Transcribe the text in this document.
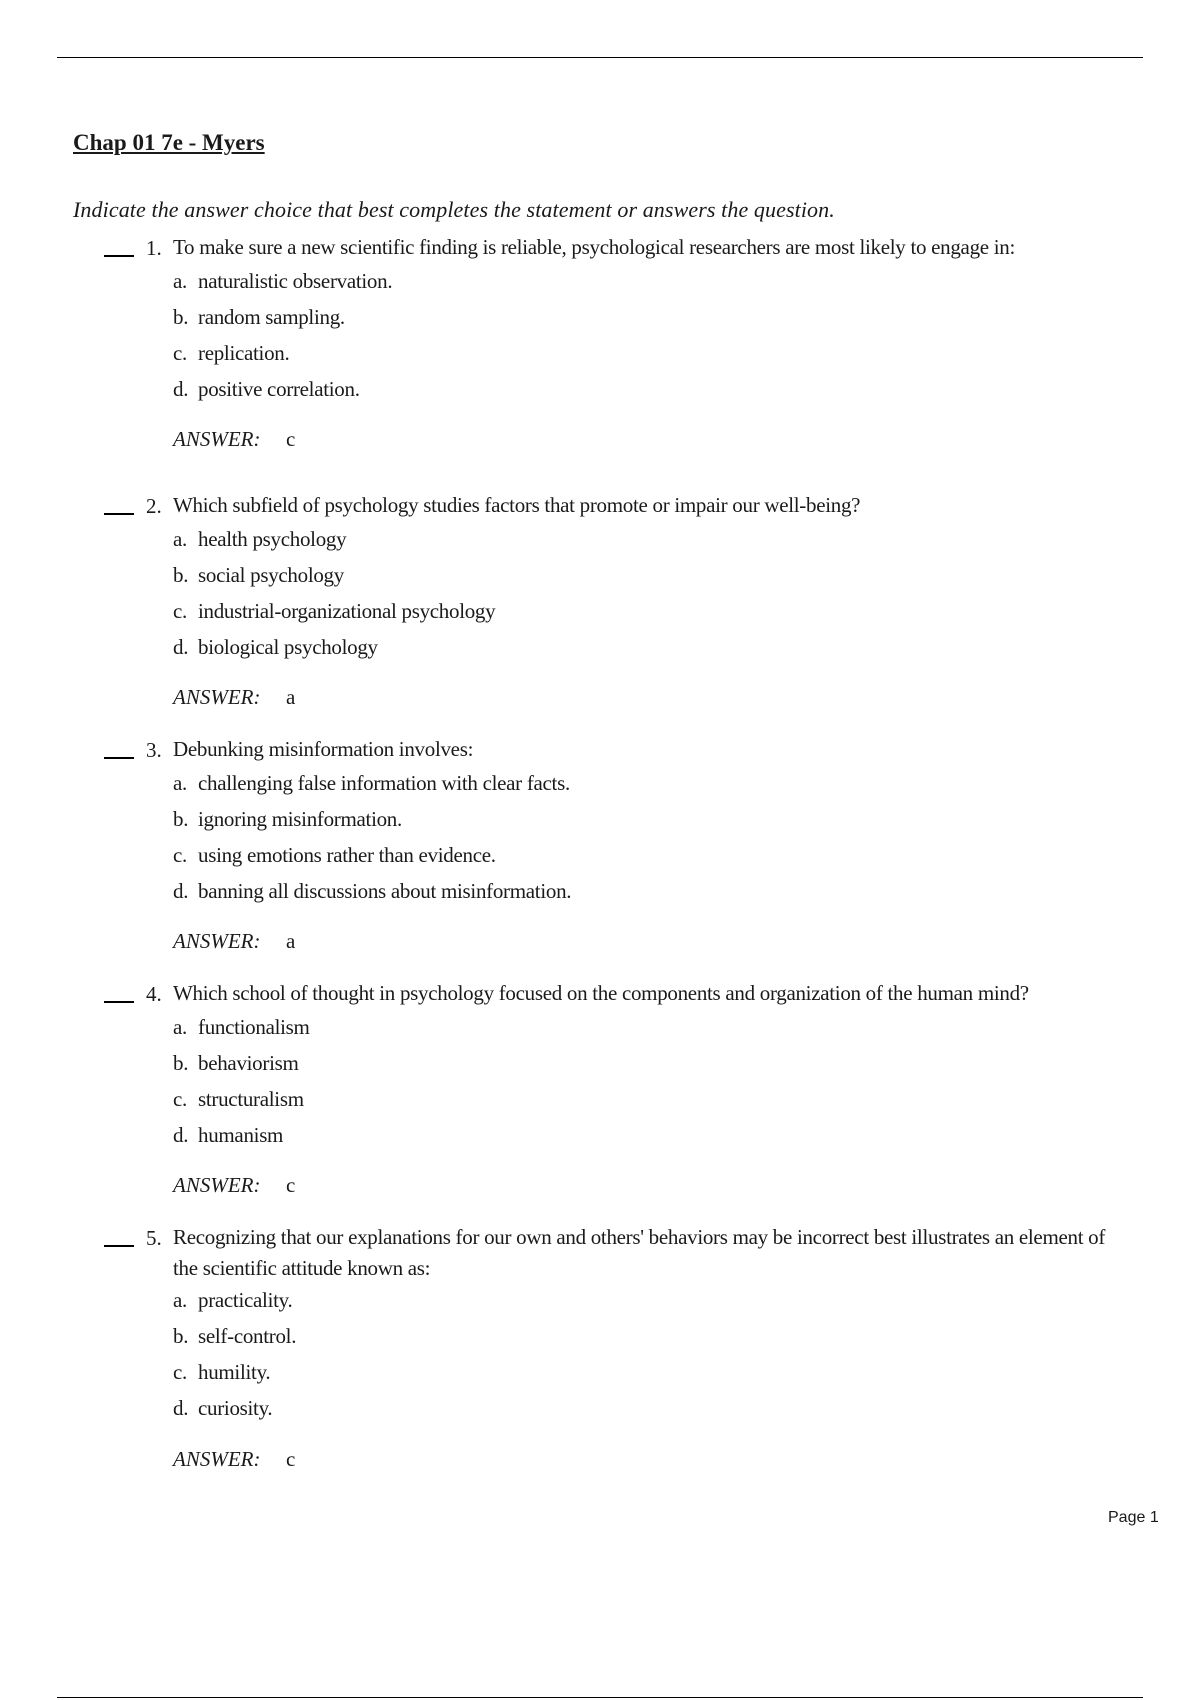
Chap 01 7e - Myers

Indicate the answer choice that best completes the statement or answers the question.

1. To make sure a new scientific finding is reliable, psychological researchers are most likely to engage in:
a. naturalistic observation.
b. random sampling.
c. replication.
d. positive correlation.
ANSWER: c
2. Which subfield of psychology studies factors that promote or impair our well-being?
a. health psychology
b. social psychology
c. industrial-organizational psychology
d. biological psychology
ANSWER: a
3. Debunking misinformation involves:
a. challenging false information with clear facts.
b. ignoring misinformation.
c. using emotions rather than evidence.
d. banning all discussions about misinformation.
ANSWER: a
4. Which school of thought in psychology focused on the components and organization of the human mind?
a. functionalism
b. behaviorism
c. structuralism
d. humanism
ANSWER: c
5. Recognizing that our explanations for our own and others' behaviors may be incorrect best illustrates an element of the scientific attitude known as:
a. practicality.
b. self-control.
c. humility.
d. curiosity.
ANSWER: c
Page 1
